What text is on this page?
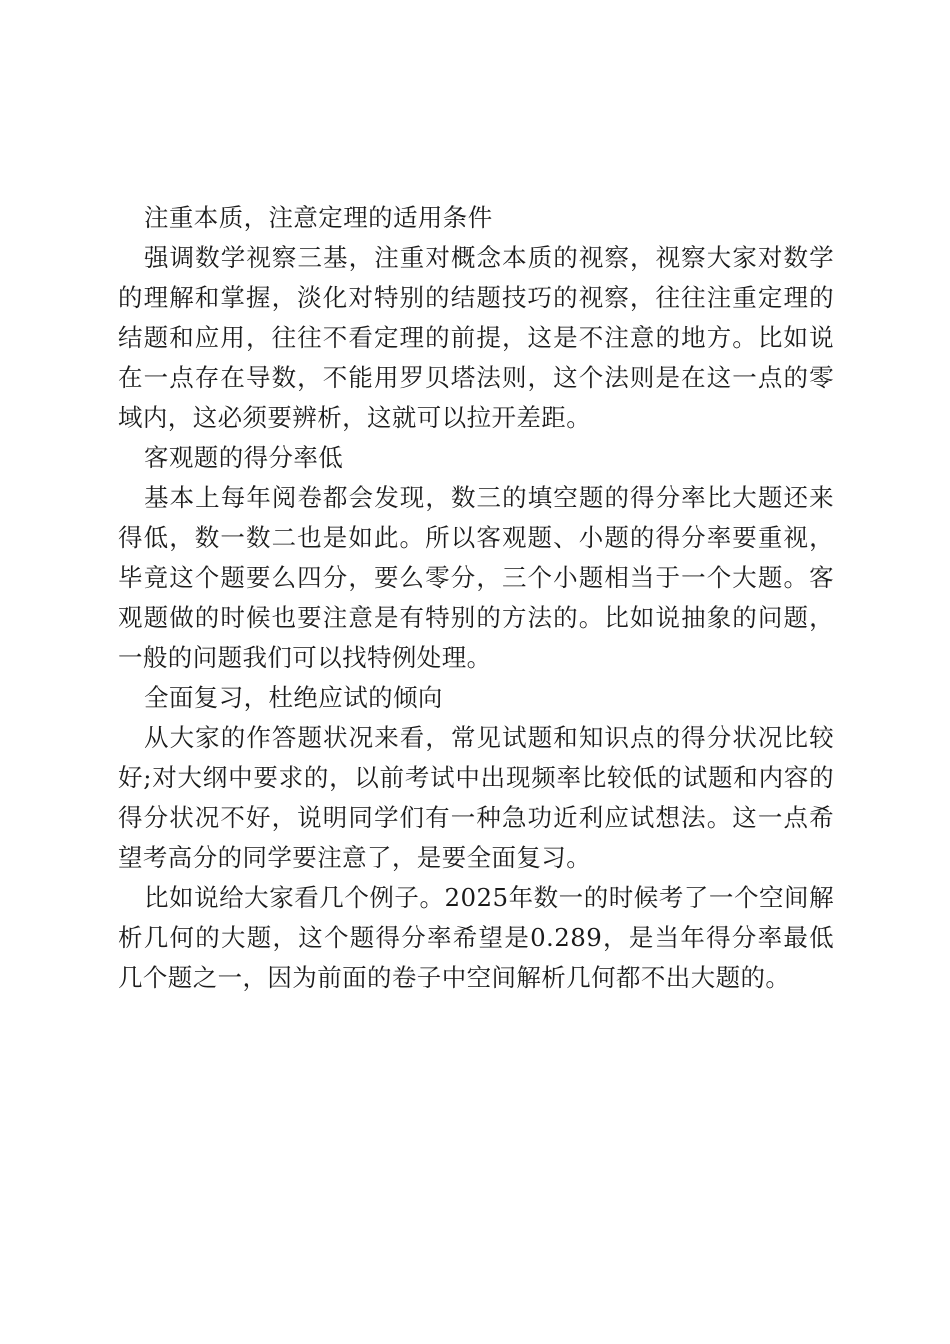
注重本质，注意定理的适用条件

强调数学视察三基，注重对概念本质的视察，视察大家对数学的理解和掌握，淡化对特别的结题技巧的视察，往往注重定理的结题和应用，往往不看定理的前提，这是不注意的地方。比如说在一点存在导数，不能用罗贝塔法则，这个法则是在这一点的零域内，这必须要辨析，这就可以拉开差距。

客观题的得分率低

基本上每年阅卷都会发现，数三的填空题的得分率比大题还来得低，数一数二也是如此。所以客观题、小题的得分率要重视，毕竟这个题要么四分，要么零分，三个小题相当于一个大题。客观题做的时候也要注意是有特别的方法的。比如说抽象的问题，一般的问题我们可以找特例处理。

全面复习，杜绝应试的倾向

从大家的作答题状况来看，常见试题和知识点的得分状况比较好;对大纲中要求的，以前考试中出现频率比较低的试题和内容的得分状况不好，说明同学们有一种急功近利应试想法。这一点希望考高分的同学要注意了，是要全面复习。

比如说给大家看几个例子。2025年数一的时候考了一个空间解析几何的大题，这个题得分率希望是0.289，是当年得分率最低几个题之一，因为前面的卷子中空间解析几何都不出大题的。
